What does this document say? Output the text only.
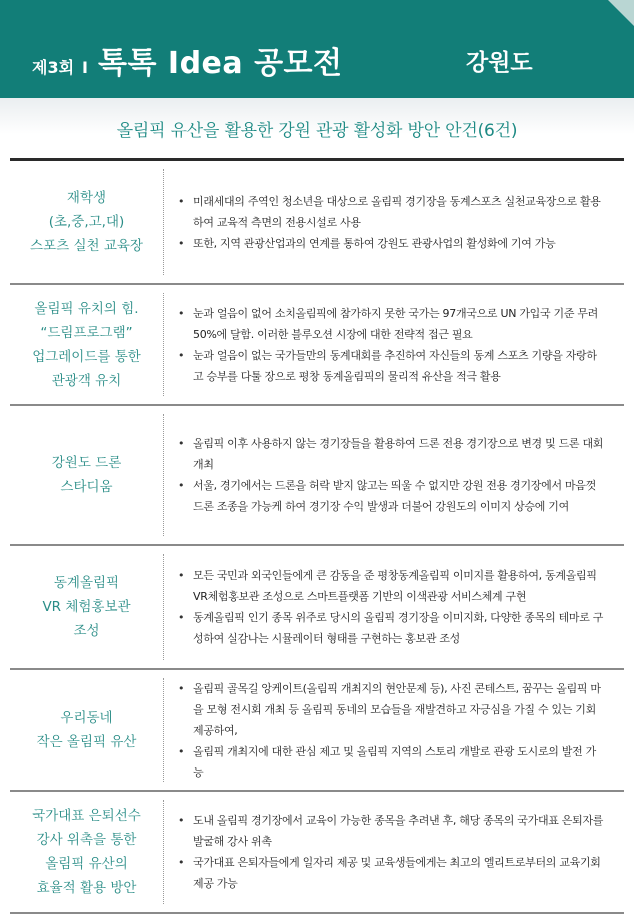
제3회 I 톡톡 Idea 공모전	강원도
올림픽 유산을 활용한 강원 관광 활성화 방안 안건(6건)
재학생
(초,중,고,대)
스포츠 실천 교육장
• 미래세대의 주역인 청소년을 대상으로 올림픽 경기장을 동계스포츠 실천교육장으로 활용하여 교육적 측면의 전용시설로 사용
• 또한, 지역 관광산업과의 연계를 통하여 강원도 관광사업의 활성화에 기여 가능
올림픽 유치의 힘.
“드림프로그램”
업그레이드를 통한
관광객 유치
• 눈과 얼음이 없어 소치올림픽에 참가하지 못한 국가는 97개국으로 UN 가입국 기준 무려 50%에 달함. 이러한 블루오션 시장에 대한 전략적 접근 필요
• 눈과 얼음이 없는 국가들만의 동계대회를 추진하여 자신들의 동계 스포츠 기량을 자랑하고 승부를 다툴 장으로 평창 동계올림픽의 물리적 유산을 적극 활용
강원도 드론
스타디움
• 올림픽 이후 사용하지 않는 경기장들을 활용하여 드론 전용 경기장으로 변경 및 드론 대회 개최
• 서울, 경기에서는 드론을 허락 받지 않고는 띄울 수 없지만 강원 전용 경기장에서 마음껏 드론 조종을 가능케 하여 경기장 수익 발생과 더불어 강원도의 이미지 상승에 기여
동계올림픽
VR 체험홍보관
조성
• 모든 국민과 외국인들에게 큰 감동을 준 평창동계올림픽 이미지를 활용하여, 동계올림픽 VR체험홍보관 조성으로 스마트플랫폼 기반의 이색관광 서비스체계 구현
• 동계올림픽 인기 종목 위주로 당시의 올림픽 경기장을 이미지화, 다양한 종목의 테마로 구성하여 실감나는 시뮬레이터 형태를 구현하는 홍보관 조성
우리동네
작은 올림픽 유산
• 올림픽 골목길 앙케이트(올림픽 개최지의 현안문제 등), 사진 콘테스트, 꿈꾸는 올림픽 마을 모형 전시회 개최 등 올림픽 동네의 모습들을 재발견하고 자긍심을 가질 수 있는 기회 제공하여,
• 올림픽 개최지에 대한 관심 제고 및 올림픽 지역의 스토리 개발로 관광 도시로의 발전 가능
국가대표 은퇴선수
강사 위촉을 통한
올림픽 유산의
효율적 활용 방안
• 도내 올림픽 경기장에서 교육이 가능한 종목을 추려낸 후, 해당 종목의 국가대표 은퇴자를 발굴해 강사 위촉
• 국가대표 은퇴자들에게 일자리 제공 및 교육생들에게는 최고의 엘리트로부터의 교육기회 제공 가능
